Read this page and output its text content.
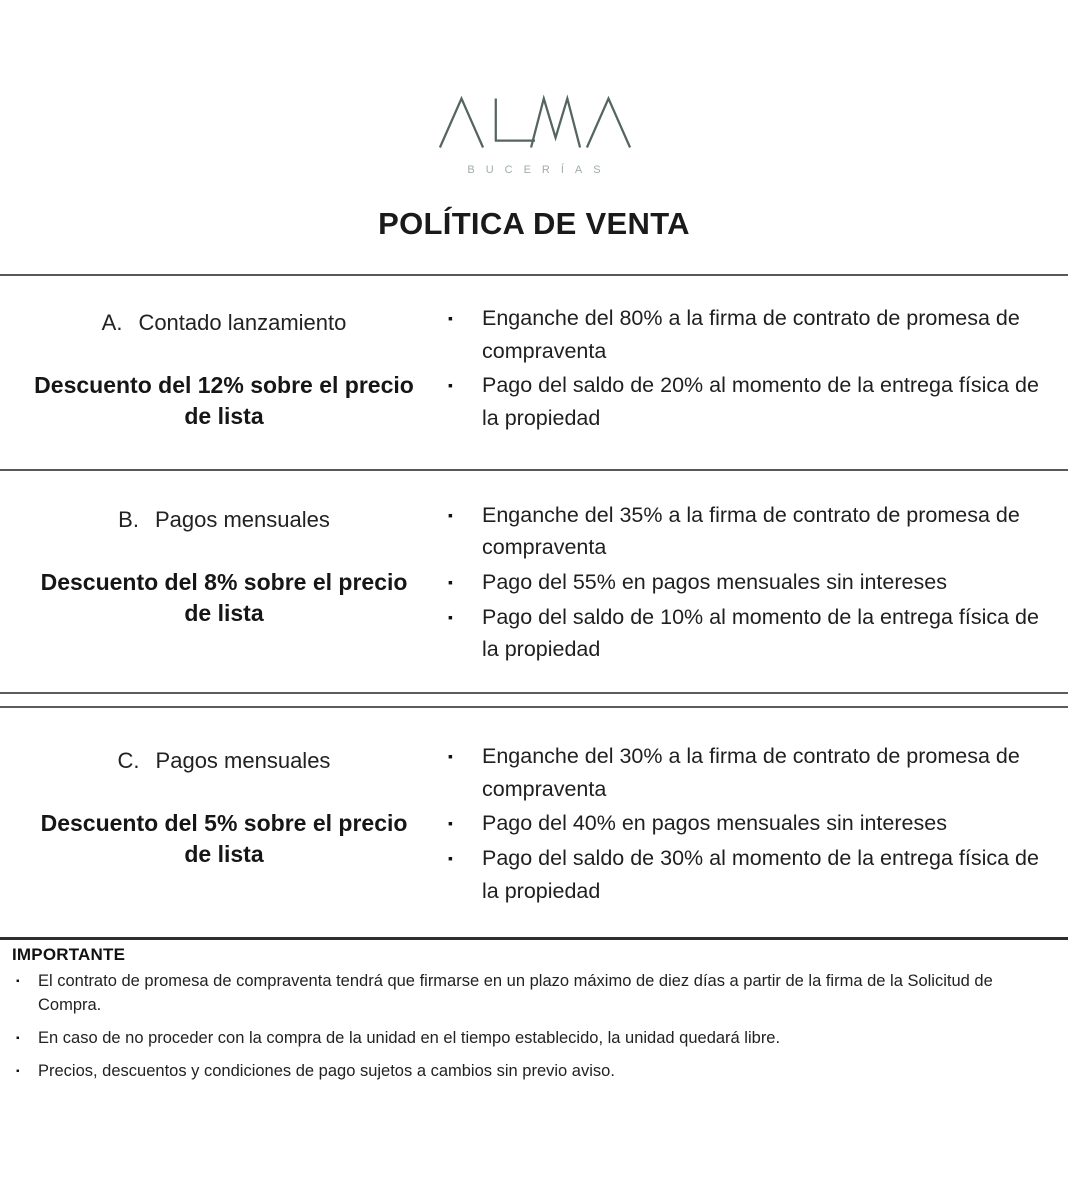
BUCERÍAS
POLÍTICA DE VENTA
A. Contado lanzamiento
Descuento del 12% sobre el precio de lista
▪	Enganche del 80% a la firma de contrato de promesa de compraventa
▪	Pago del saldo de 20% al momento de la entrega física de la propiedad
B. Pagos mensuales
Descuento del 8% sobre el precio de lista
▪	Enganche del 35% a la firma de contrato de promesa de compraventa
▪	Pago del 55% en pagos mensuales sin intereses
▪	Pago del saldo de 10% al momento de la entrega física de la propiedad
C. Pagos mensuales
Descuento del 5% sobre el precio de lista
▪	Enganche del 30% a la firma de contrato de promesa de compraventa
▪	Pago del 40% en pagos mensuales sin intereses
▪	Pago del saldo de 30% al momento de la entrega física de la propiedad
IMPORTANTE
▪	El contrato de promesa de compraventa tendrá que firmarse en un plazo máximo de diez días a partir de la firma de la Solicitud de Compra.
▪	En caso de no proceder con la compra de la unidad en el tiempo establecido, la unidad quedará libre.
▪	Precios, descuentos y condiciones de pago sujetos a cambios sin previo aviso.
